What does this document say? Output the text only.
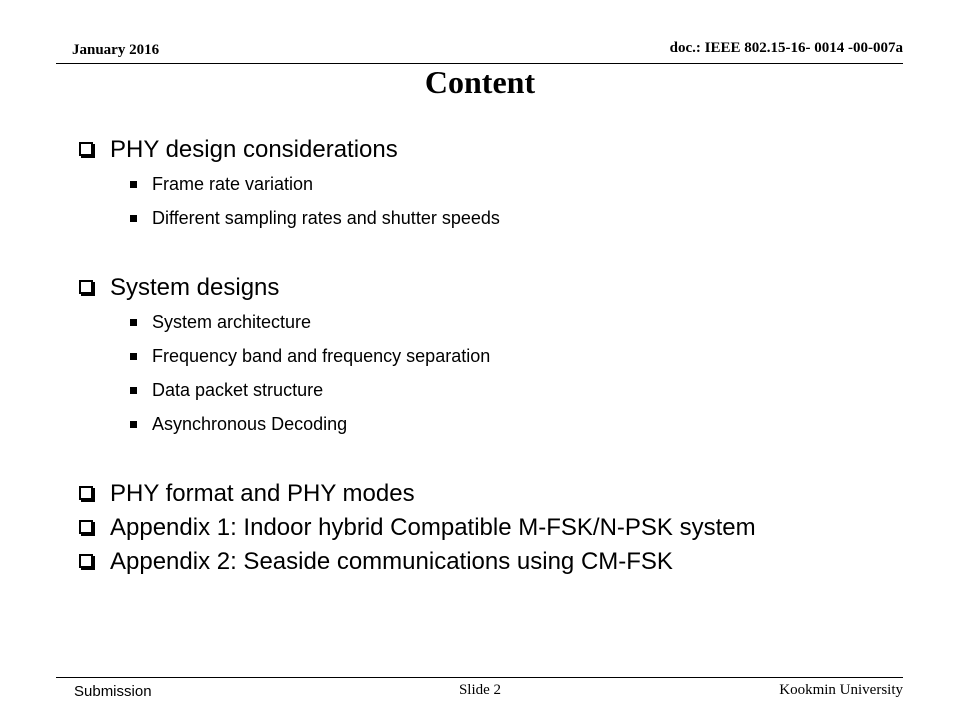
January 2016	doc.: IEEE 802.15-16- 0014 -00-007a
Content
PHY design considerations
Frame rate variation
Different sampling rates and shutter speeds
System designs
System architecture
Frequency band and frequency separation
Data packet structure
Asynchronous Decoding
PHY format and PHY modes
Appendix 1: Indoor hybrid Compatible M-FSK/N-PSK system
Appendix 2: Seaside communications using CM-FSK
Submission	Slide 2	Kookmin University
